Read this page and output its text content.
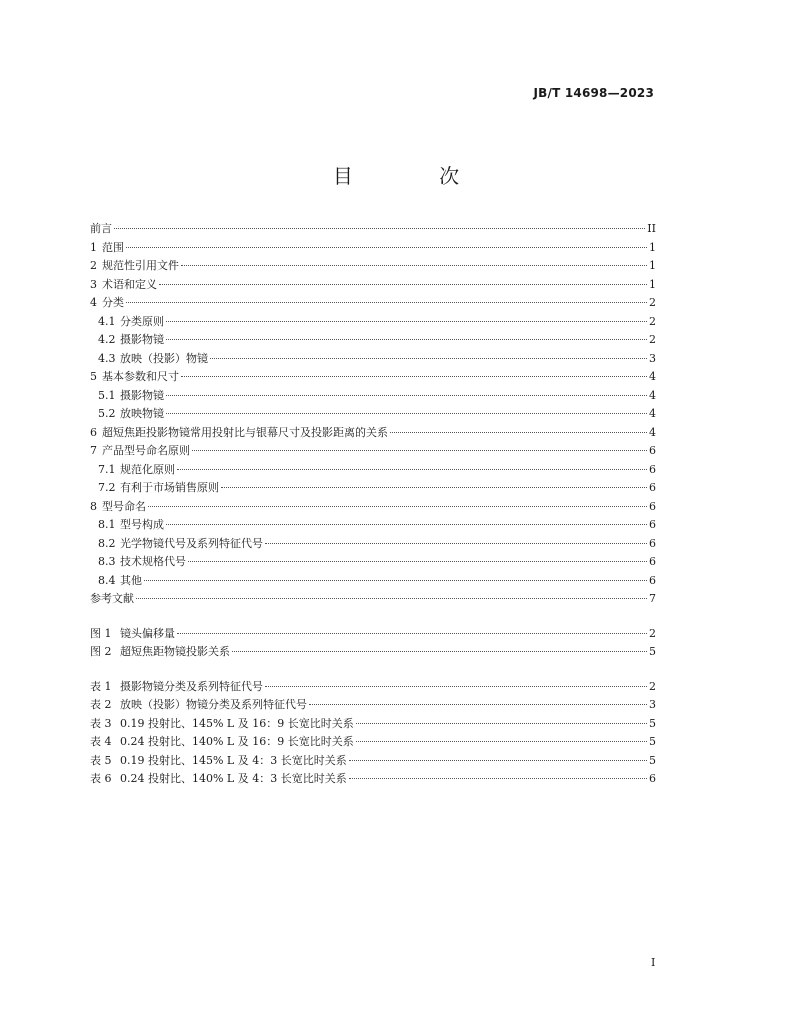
JB/T 14698—2023
目 次
前言	II
1 范围	1
2 规范性引用文件	1
3 术语和定义	1
4 分类	2
4.1 分类原则	2
4.2 摄影物镜	2
4.3 放映（投影）物镜	3
5 基本参数和尺寸	4
5.1 摄影物镜	4
5.2 放映物镜	4
6 超短焦距投影物镜常用投射比与银幕尺寸及投影距离的关系	4
7 产品型号命名原则	6
7.1 规范化原则	6
7.2 有利于市场销售原则	6
8 型号命名	6
8.1 型号构成	6
8.2 光学物镜代号及系列特征代号	6
8.3 技术规格代号	6
8.4 其他	6
参考文献	7
图 1 镜头偏移量	2
图 2 超短焦距物镜投影关系	5
表 1 摄影物镜分类及系列特征代号	2
表 2 放映（投影）物镜分类及系列特征代号	3
表 3 0.19 投射比、145% L 及 16：9 长宽比时关系	5
表 4 0.24 投射比、140% L 及 16：9 长宽比时关系	5
表 5 0.19 投射比、145% L 及 4：3 长宽比时关系	5
表 6 0.24 投射比、140% L 及 4：3 长宽比时关系	6
I
